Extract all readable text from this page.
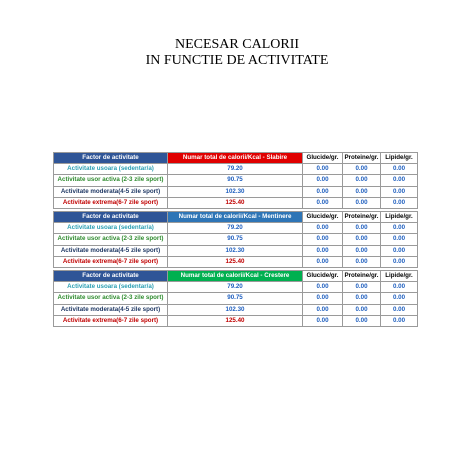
NECESAR CALORII
IN FUNCTIE DE ACTIVITATE
Factor de activitate	Numar total de calorii/Kcal - Slabire	Glucide/gr.	Proteine/gr.	Lipide/gr.
Activitate usoara (sedentar/a)	79.20	0.00	0.00	0.00
Activitate usor activa (2-3 zile sport)	90.75	0.00	0.00	0.00
Activitate moderata(4-5 zile sport)	102.30	0.00	0.00	0.00
Activitate extrema(6-7 zile sport)	125.40	0.00	0.00	0.00
Factor de activitate	Numar total de calorii/Kcal - Mentinere	Glucide/gr.	Proteine/gr.	Lipide/gr.
Activitate usoara (sedentar/a)	79.20	0.00	0.00	0.00
Activitate usor activa (2-3 zile sport)	90.75	0.00	0.00	0.00
Activitate moderata(4-5 zile sport)	102.30	0.00	0.00	0.00
Activitate extrema(6-7 zile sport)	125.40	0.00	0.00	0.00
Factor de activitate	Numar total de calorii/Kcal - Crestere	Glucide/gr.	Proteine/gr.	Lipide/gr.
Activitate usoara (sedentar/a)	79.20	0.00	0.00	0.00
Activitate usor activa (2-3 zile sport)	90.75	0.00	0.00	0.00
Activitate moderata(4-5 zile sport)	102.30	0.00	0.00	0.00
Activitate extrema(6-7 zile sport)	125.40	0.00	0.00	0.00
